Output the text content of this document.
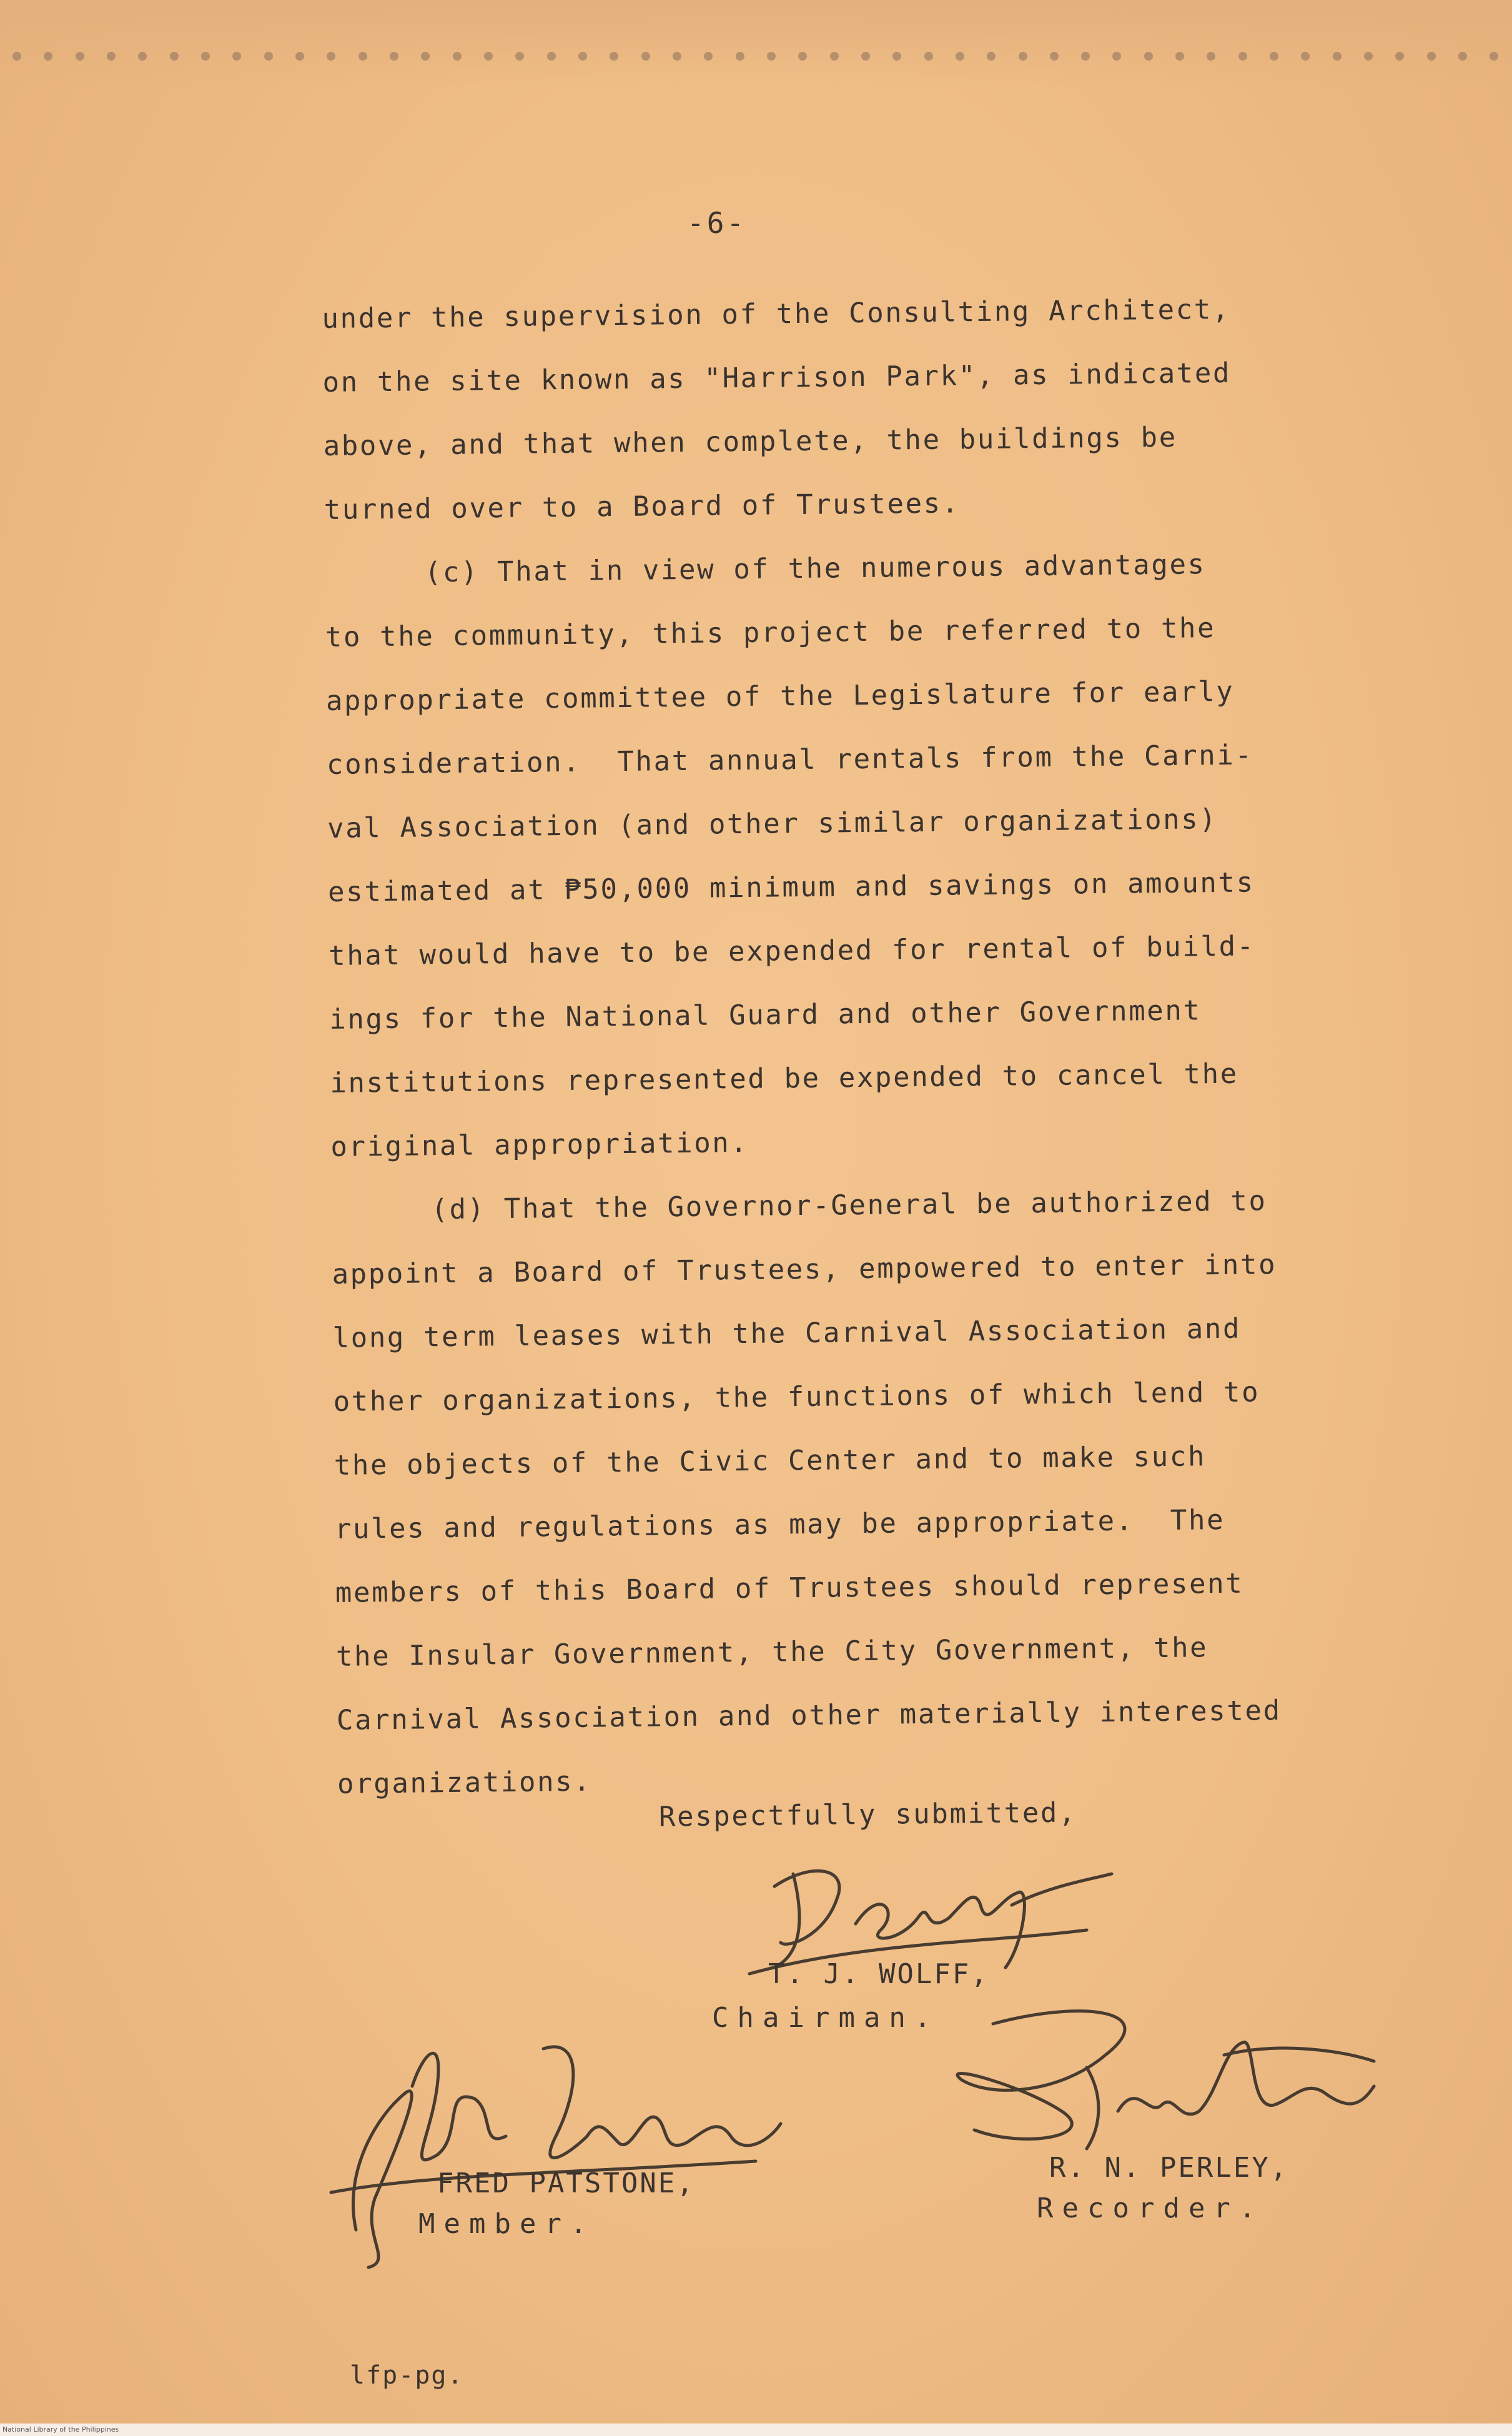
-6-
under the supervision of the Consulting Architect,
on the site known as "Harrison Park", as indicated
above, and that when complete, the buildings be
turned over to a Board of Trustees.
(c) That in view of the numerous advantages
to the community, this project be referred to the
appropriate committee of the Legislature for early
consideration.  That annual rentals from the Carni-
val Association (and other similar organizations)
estimated at ₱50,000 minimum and savings on amounts
that would have to be expended for rental of build-
ings for the National Guard and other Government
institutions represented be expended to cancel the
original appropriation.
(d) That the Governor-General be authorized to
appoint a Board of Trustees, empowered to enter into
long term leases with the Carnival Association and
other organizations, the functions of which lend to
the objects of the Civic Center and to make such
rules and regulations as may be appropriate.  The
members of this Board of Trustees should represent
the Insular Government, the City Government, the
Carnival Association and other materially interested
organizations.
Respectfully submitted,
T. J. WOLFF,
Chairman.
FRED PATSTONE,
Member.
R. N. PERLEY,
Recorder.
lfp-pg.
National Library of the Philippines
